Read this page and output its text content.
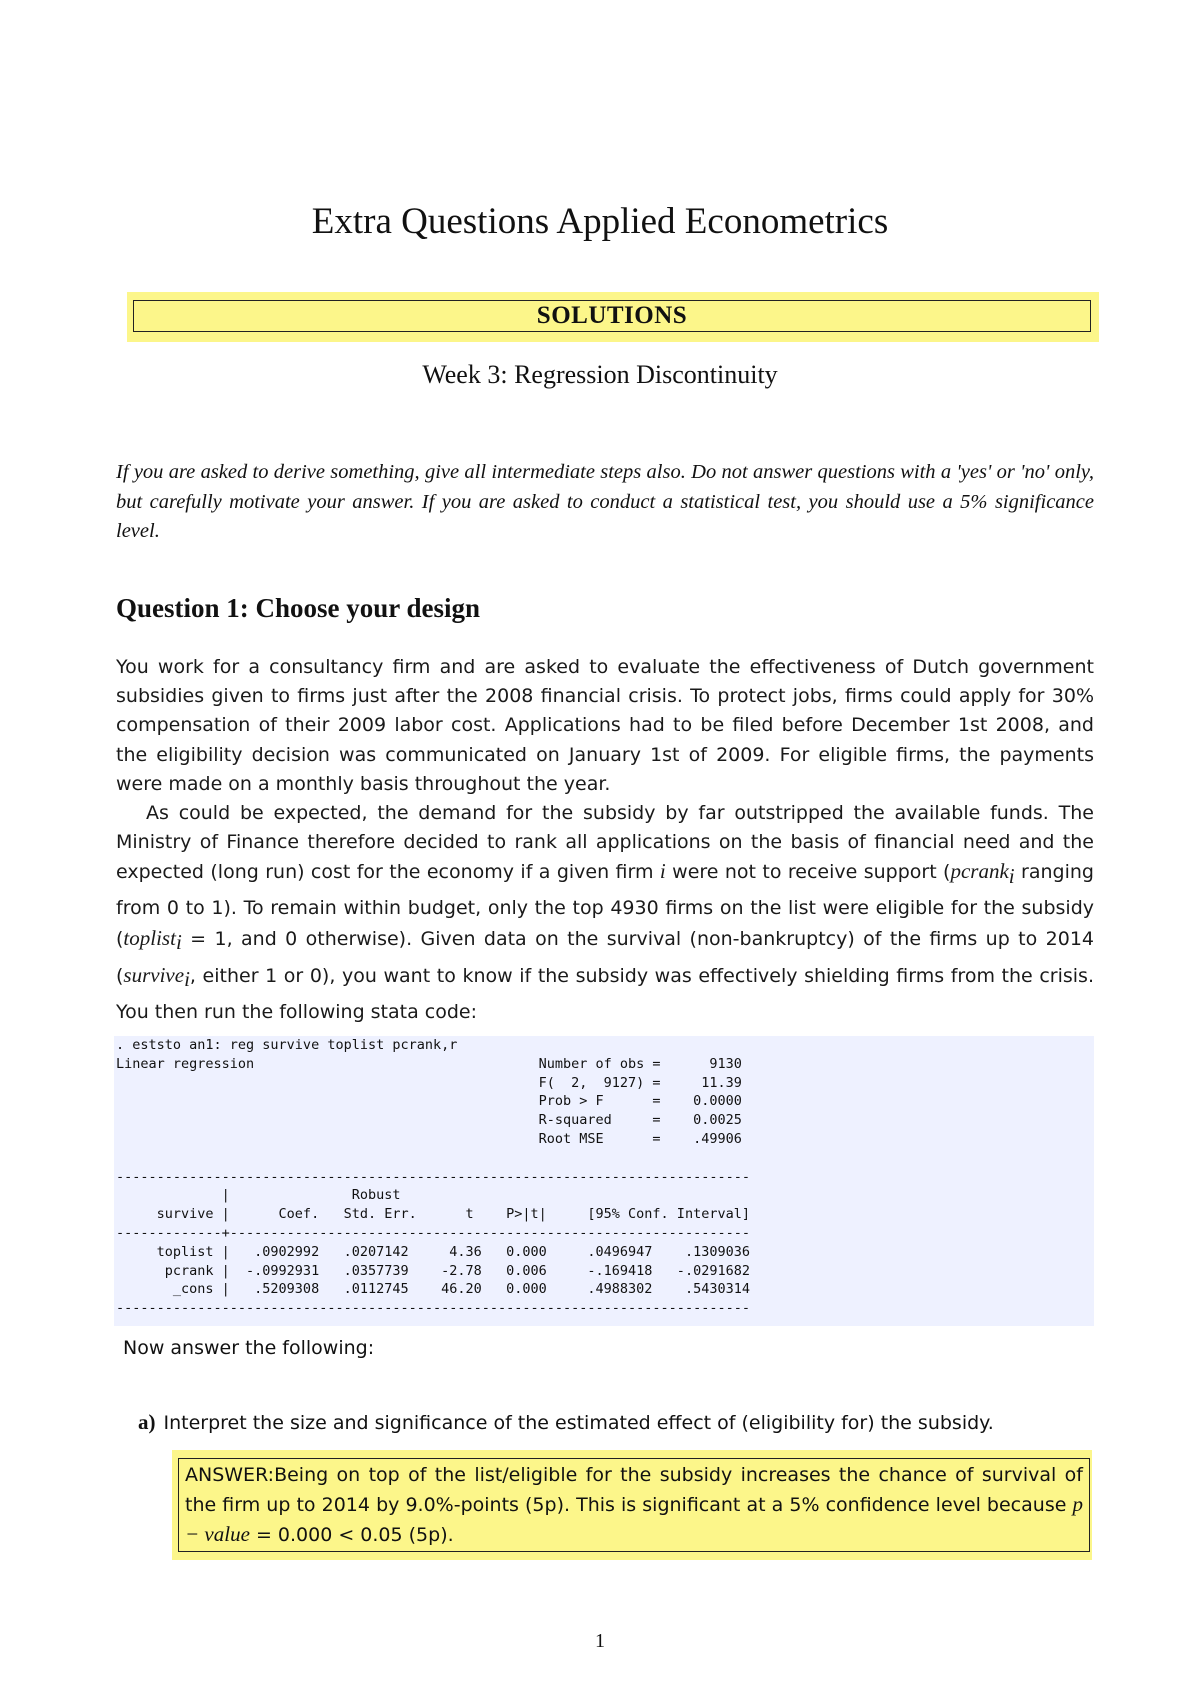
Extra Questions Applied Econometrics
SOLUTIONS
Week 3: Regression Discontinuity

If you are asked to derive something, give all intermediate steps also. Do not answer questions with a 'yes' or 'no' only, but carefully motivate your answer. If you are asked to conduct a statistical test, you should use a 5% significance level.

Question 1: Choose your design

You work for a consultancy firm and are asked to evaluate the effectiveness of Dutch government subsidies given to firms just after the 2008 financial crisis. To protect jobs, firms could apply for 30% compensation of their 2009 labor cost. Applications had to be filed before December 1st 2008, and the eligibility decision was communicated on January 1st of 2009. For eligible firms, the payments were made on a monthly basis throughout the year.

As could be expected, the demand for the subsidy by far outstripped the available funds. The Ministry of Finance therefore decided to rank all applications on the basis of financial need and the expected (long run) cost for the economy if a given firm i were not to receive support (pcrank$_i$ ranging from 0 to 1). To remain within budget, only the top 4930 firms on the list were eligible for the subsidy (toplist$_i$ = 1, and 0 otherwise). Given data on the survival (non-bankruptcy) of the firms up to 2014 (survive$_i$, either 1 or 0), you want to know if the subsidy was effectively shielding firms from the crisis. You then run the following stata code:

. eststo an1: reg survive toplist pcrank,r
Linear regression                                   Number of obs =      9130
F(  2,  9127) =     11.39
Prob > F      =    0.0000
R-squared     =    0.0025
Root MSE      =    .49906

------------------------------------------------------------------------------
|               Robust
survive |      Coef.   Std. Err.      t    P>|t|     [95% Conf. Interval]
-------------+----------------------------------------------------------------
toplist |   .0902992   .0207142     4.36   0.000     .0496947    .1309036
pcrank |  -.0992931   .0357739    -2.78   0.006     -.169418   -.0291682
_cons |   .5209308   .0112745    46.20   0.000     .4988302    .5430314
------------------------------------------------------------------------------

Now answer the following:

a) Interpret the size and significance of the estimated effect of (eligibility for) the subsidy.

ANSWER:Being on top of the list/eligible for the subsidy increases the chance of survival of the firm up to 2014 by 9.0%-points (5p). This is significant at a 5% confidence level because p − value = 0.000 < 0.05 (5p).

1
